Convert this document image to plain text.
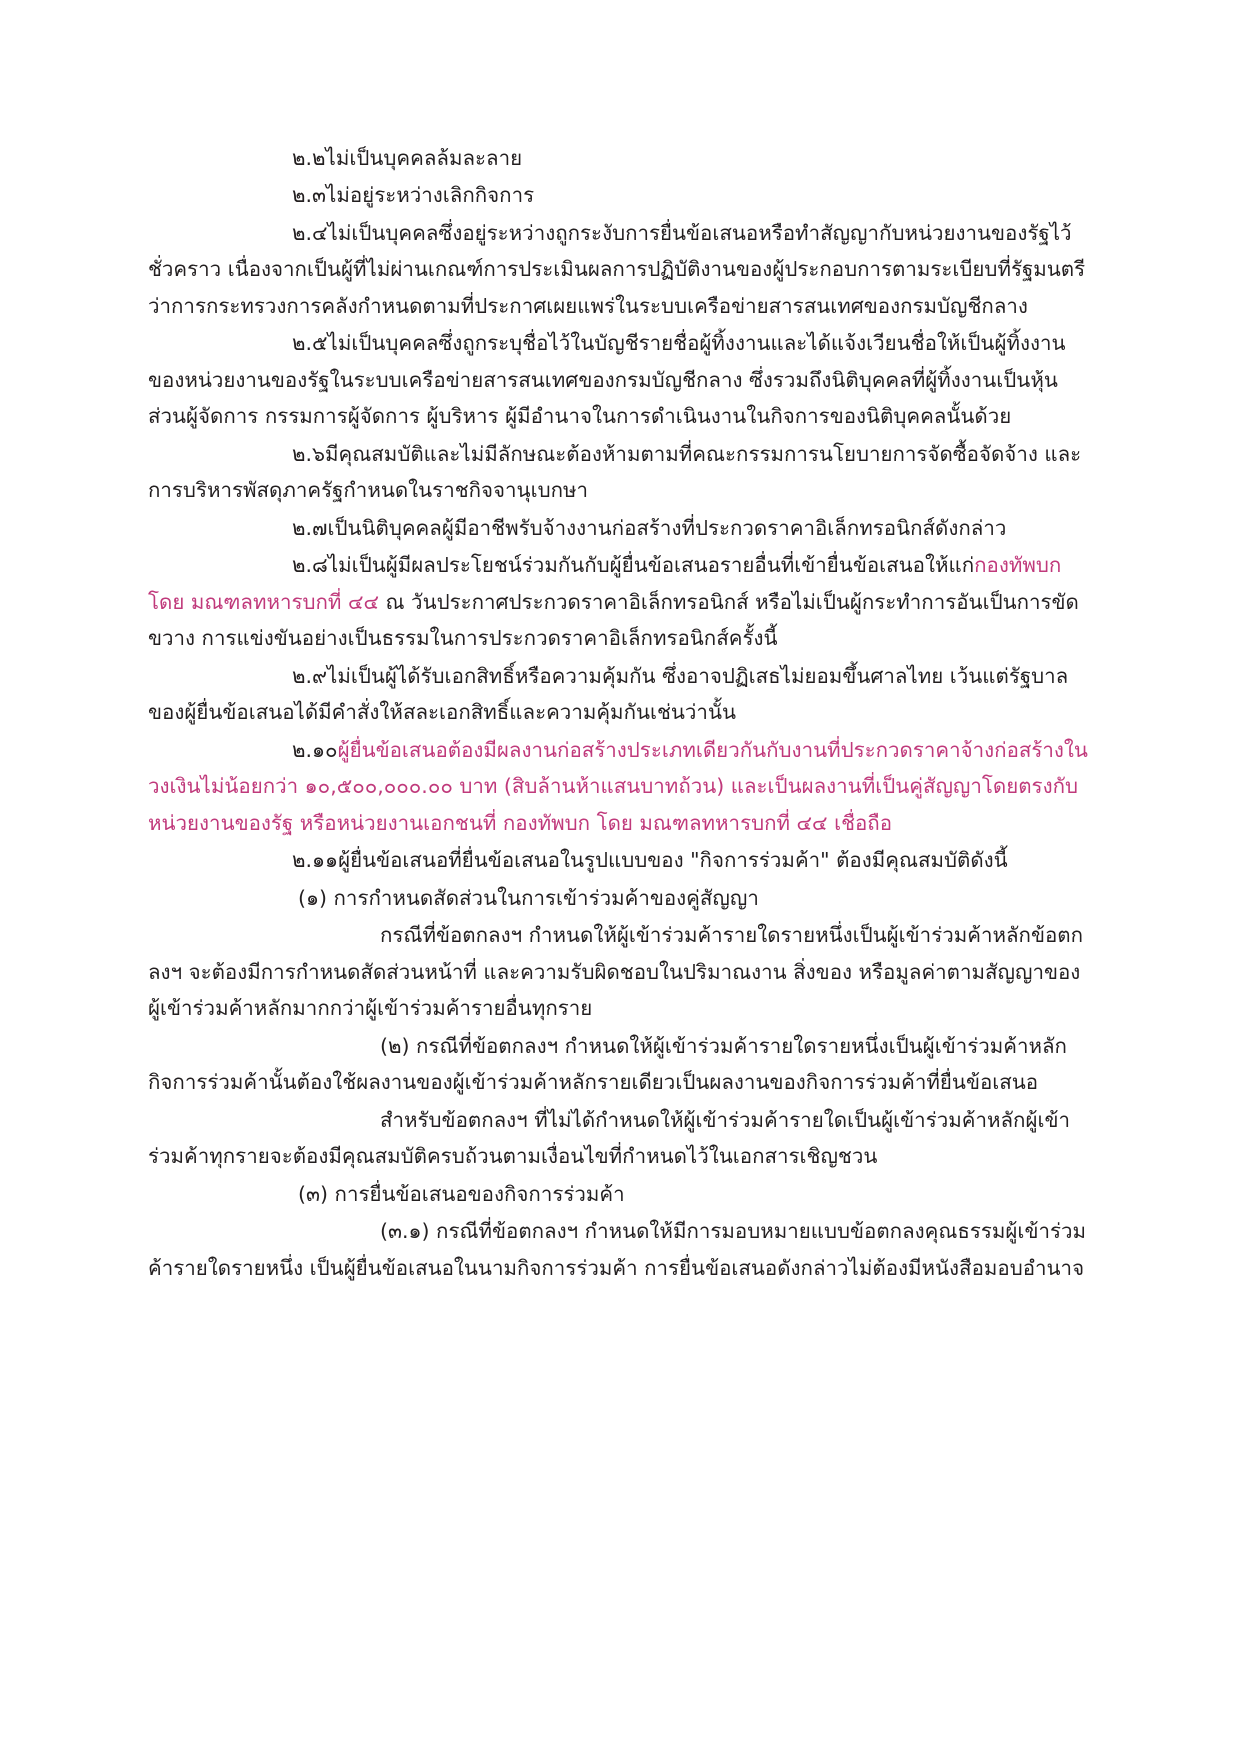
๒.๒ไม่เป็นบุคคลล้มละลาย

๒.๓ไม่อยู่ระหว่างเลิกกิจการ

๒.๔ไม่เป็นบุคคลซึ่งอยู่ระหว่างถูกระงับการยื่นข้อเสนอหรือทำสัญญากับหน่วยงานของรัฐไว้ชั่วคราว เนื่องจากเป็นผู้ที่ไม่ผ่านเกณฑ์การประเมินผลการปฏิบัติงานของผู้ประกอบการตามระเบียบที่รัฐมนตรีว่าการกระทรวงการคลังกำหนดตามที่ประกาศเผยแพร่ในระบบเครือข่ายสารสนเทศของกรมบัญชีกลาง

๒.๕ไม่เป็นบุคคลซึ่งถูกระบุชื่อไว้ในบัญชีรายชื่อผู้ทิ้งงานและได้แจ้งเวียนชื่อให้เป็นผู้ทิ้งงานของหน่วยงานของรัฐในระบบเครือข่ายสารสนเทศของกรมบัญชีกลาง ซึ่งรวมถึงนิติบุคคลที่ผู้ทิ้งงานเป็นหุ้นส่วนผู้จัดการ กรรมการผู้จัดการ ผู้บริหาร ผู้มีอำนาจในการดำเนินงานในกิจการของนิติบุคคลนั้นด้วย

๒.๖มีคุณสมบัติและไม่มีลักษณะต้องห้ามตามที่คณะกรรมการนโยบายการจัดซื้อจัดจ้าง และการบริหารพัสดุภาครัฐกำหนดในราชกิจจานุเบกษา

๒.๗เป็นนิติบุคคลผู้มีอาชีพรับจ้างงานก่อสร้างที่ประกวดราคาอิเล็กทรอนิกส์ดังกล่าว

๒.๘ไม่เป็นผู้มีผลประโยชน์ร่วมกันกับผู้ยื่นข้อเสนอรายอื่นที่เข้ายื่นข้อเสนอให้แก่กองทัพบก โดย มณฑลทหารบกที่ ๔๔ ณ วันประกาศประกวดราคาอิเล็กทรอนิกส์ หรือไม่เป็นผู้กระทำการอันเป็นการขัดขวาง การแข่งขันอย่างเป็นธรรมในการประกวดราคาอิเล็กทรอนิกส์ครั้งนี้

๒.๙ไม่เป็นผู้ได้รับเอกสิทธิ์หรือความคุ้มกัน ซึ่งอาจปฏิเสธไม่ยอมขึ้นศาลไทย เว้นแต่รัฐบาล ของผู้ยื่นข้อเสนอได้มีคำสั่งให้สละเอกสิทธิ์และความคุ้มกันเช่นว่านั้น

๒.๑๐ผู้ยื่นข้อเสนอต้องมีผลงานก่อสร้างประเภทเดียวกันกับงานที่ประกวดราคาจ้างก่อสร้างในวงเงินไม่น้อยกว่า ๑๐,๕๐๐,๐๐๐.๐๐ บาท (สิบล้านห้าแสนบาทถ้วน) และเป็นผลงานที่เป็นคู่สัญญาโดยตรงกับหน่วยงานของรัฐ หรือหน่วยงานเอกชนที่ กองทัพบก โดย มณฑลทหารบกที่ ๔๔ เชื่อถือ

๒.๑๑ผู้ยื่นข้อเสนอที่ยื่นข้อเสนอในรูปแบบของ "กิจการร่วมค้า" ต้องมีคุณสมบัติดังนี้

(๑) การกำหนดสัดส่วนในการเข้าร่วมค้าของคู่สัญญา

กรณีที่ข้อตกลงฯ กำหนดให้ผู้เข้าร่วมค้ารายใดรายหนึ่งเป็นผู้เข้าร่วมค้าหลักข้อตกลงฯ จะต้องมีการกำหนดสัดส่วนหน้าที่ และความรับผิดชอบในปริมาณงาน สิ่งของ หรือมูลค่าตามสัญญาของผู้เข้าร่วมค้าหลักมากกว่าผู้เข้าร่วมค้ารายอื่นทุกราย

(๒) กรณีที่ข้อตกลงฯ กำหนดให้ผู้เข้าร่วมค้ารายใดรายหนึ่งเป็นผู้เข้าร่วมค้าหลักกิจการร่วมค้านั้นต้องใช้ผลงานของผู้เข้าร่วมค้าหลักรายเดียวเป็นผลงานของกิจการร่วมค้าที่ยื่นข้อเสนอ

สำหรับข้อตกลงฯ ที่ไม่ได้กำหนดให้ผู้เข้าร่วมค้ารายใดเป็นผู้เข้าร่วมค้าหลักผู้เข้าร่วมค้าทุกรายจะต้องมีคุณสมบัติครบถ้วนตามเงื่อนไขที่กำหนดไว้ในเอกสารเชิญชวน

(๓) การยื่นข้อเสนอของกิจการร่วมค้า

(๓.๑) กรณีที่ข้อตกลงฯ กำหนดให้มีการมอบหมายแบบข้อตกลงคุณธรรมผู้เข้าร่วมค้ารายใดรายหนึ่ง เป็นผู้ยื่นข้อเสนอในนามกิจการร่วมค้า การยื่นข้อเสนอดังกล่าวไม่ต้องมีหนังสือมอบอำนาจ
